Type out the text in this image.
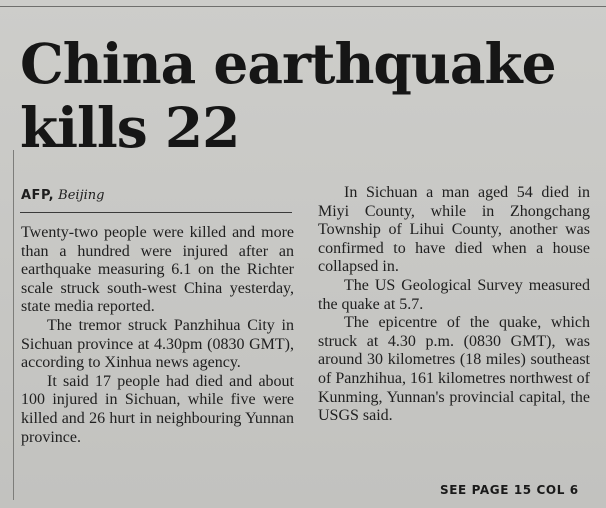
China earthquake kills 22
AFP, Beijing

Twenty-two people were killed and more than a hundred were injured after an earthquake measuring 6.1 on the Richter scale struck south-west China yesterday, state media reported.

The tremor struck Panzhihua City in Sichuan province at 4.30pm (0830 GMT), according to Xinhua news agency.

It said 17 people had died and about 100 injured in Sichuan, while five were killed and 26 hurt in neighbouring Yunnan province.

In Sichuan a man aged 54 died in Miyi County, while in Zhongchang Township of Lihui County, another was confirmed to have died when a house collapsed in.

The US Geological Survey measured the quake at 5.7.

The epicentre of the quake, which struck at 4.30 p.m. (0830 GMT), was around 30 kilometres (18 miles) southeast of Panzhihua, 161 kilometres northwest of Kunming, Yunnan's provincial capital, the USGS said.

SEE PAGE 15 COL 6
